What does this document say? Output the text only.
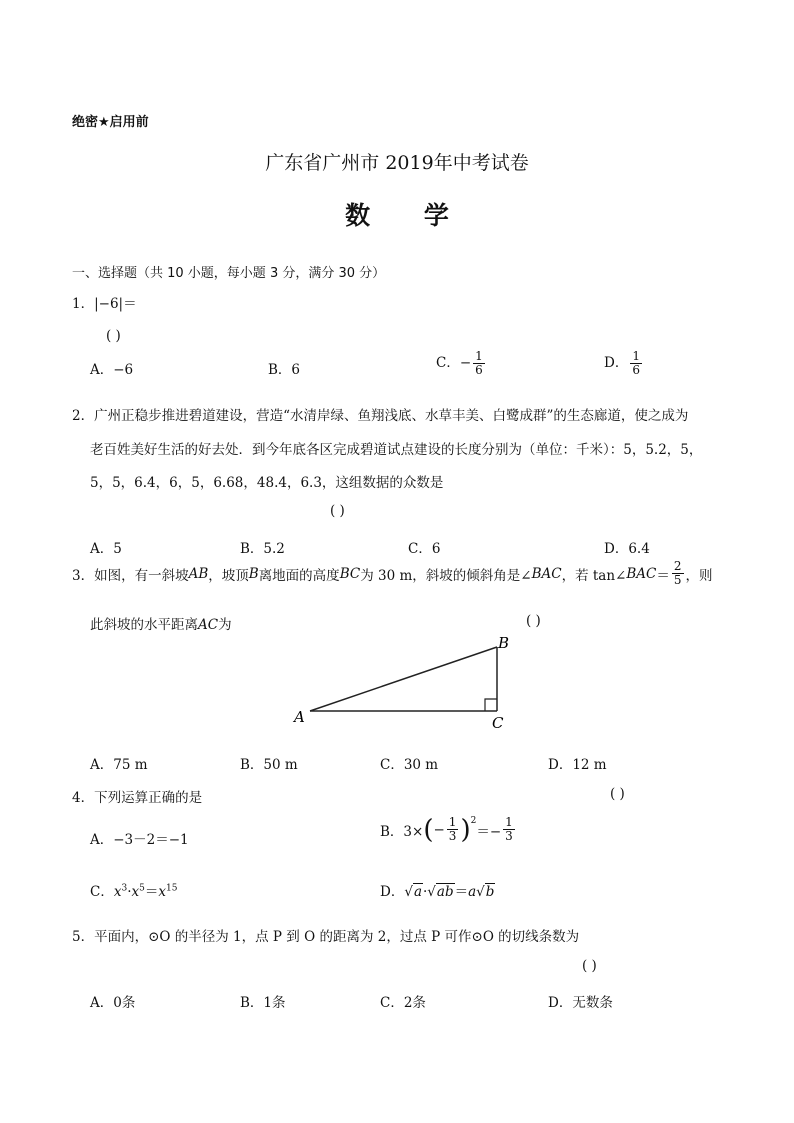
绝密★启用前
广东省广州市 2019年中考试卷
数 学
一、选择题（共 10 小题，每小题 3 分，满分 30 分）
1．|−6|＝
( )
A．−6	B．6	C．− $\frac{1}{6}$	D． $\frac{1}{6}$
2．广州正稳步推进碧道建设，营造“水清岸绿、鱼翔浅底、水草丰美、白鹭成群”的生态廊道，使之成为
老百姓美好生活的好去处．到今年底各区完成碧道试点建设的长度分别为（单位：千米）：5，5.2，5，
5，5，6.4，6，5，6.68，48.4，6.3，这组数据的众数是
( )
A．5	B．5.2	C．6	D．6.4
3．如图，有一斜坡 AB ，坡顶 B 离地面的高度 BC 为 30 m，斜坡的倾斜角是∠ BAC ，若 tan∠ BAC ＝ $\frac{2}{5}$ ，则
此斜坡的水平距离AC为	( )
A
B
C
A．75 m	B．50 m	C．30 m	D．12 m
4．下列运算正确的是	( )
A．−3－2＝−1
B．3× ( − $\frac{1}{3} )^2$
＝− $\frac{1}{3}$
C．$x^3\cdot x^5=x^{15}$	D．√a·√ab＝a√b
5．平面内，⊙O 的半径为 1，点 P 到 O 的距离为 2，过点 P 可作⊙O 的切线条数为
( )
A．0条	B．1条	C．2条	D．无数条
